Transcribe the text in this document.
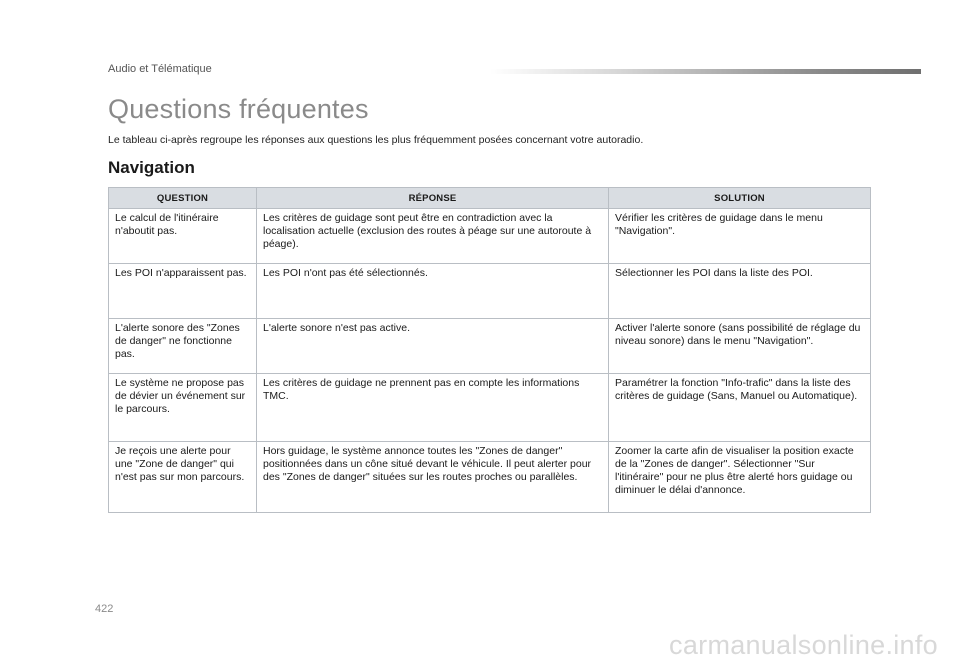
Audio et Télématique
Questions fréquentes
Le tableau ci-après regroupe les réponses aux questions les plus fréquemment posées concernant votre autoradio.
Navigation
QUESTION	RÉPONSE	SOLUTION
Le calcul de l'itinéraire n'aboutit pas.	Les critères de guidage sont peut être en contradiction avec la localisation actuelle (exclusion des routes à péage sur une autoroute à péage).	Vérifier les critères de guidage dans le menu "Navigation".
Les POI n'apparaissent pas.	Les POI n'ont pas été sélectionnés.	Sélectionner les POI dans la liste des POI.
L'alerte sonore des "Zones de danger" ne fonctionne pas.	L'alerte sonore n'est pas active.	Activer l'alerte sonore (sans possibilité de réglage du niveau sonore) dans le menu "Navigation".
Le système ne propose pas de dévier un événement sur le parcours.	Les critères de guidage ne prennent pas en compte les informations TMC.	Paramétrer la fonction "Info-trafic" dans la liste des critères de guidage (Sans, Manuel ou Automatique).
Je reçois une alerte pour une "Zone de danger" qui n'est pas sur mon parcours.	Hors guidage, le système annonce toutes les "Zones de danger" positionnées dans un cône situé devant le véhicule. Il peut alerter pour des "Zones de danger" situées sur les routes proches ou parallèles.	Zoomer la carte afin de visualiser la position exacte de la "Zones de danger". Sélectionner "Sur l'itinéraire" pour ne plus être alerté hors guidage ou diminuer le délai d'annonce.
422
carmanualsonline.info
